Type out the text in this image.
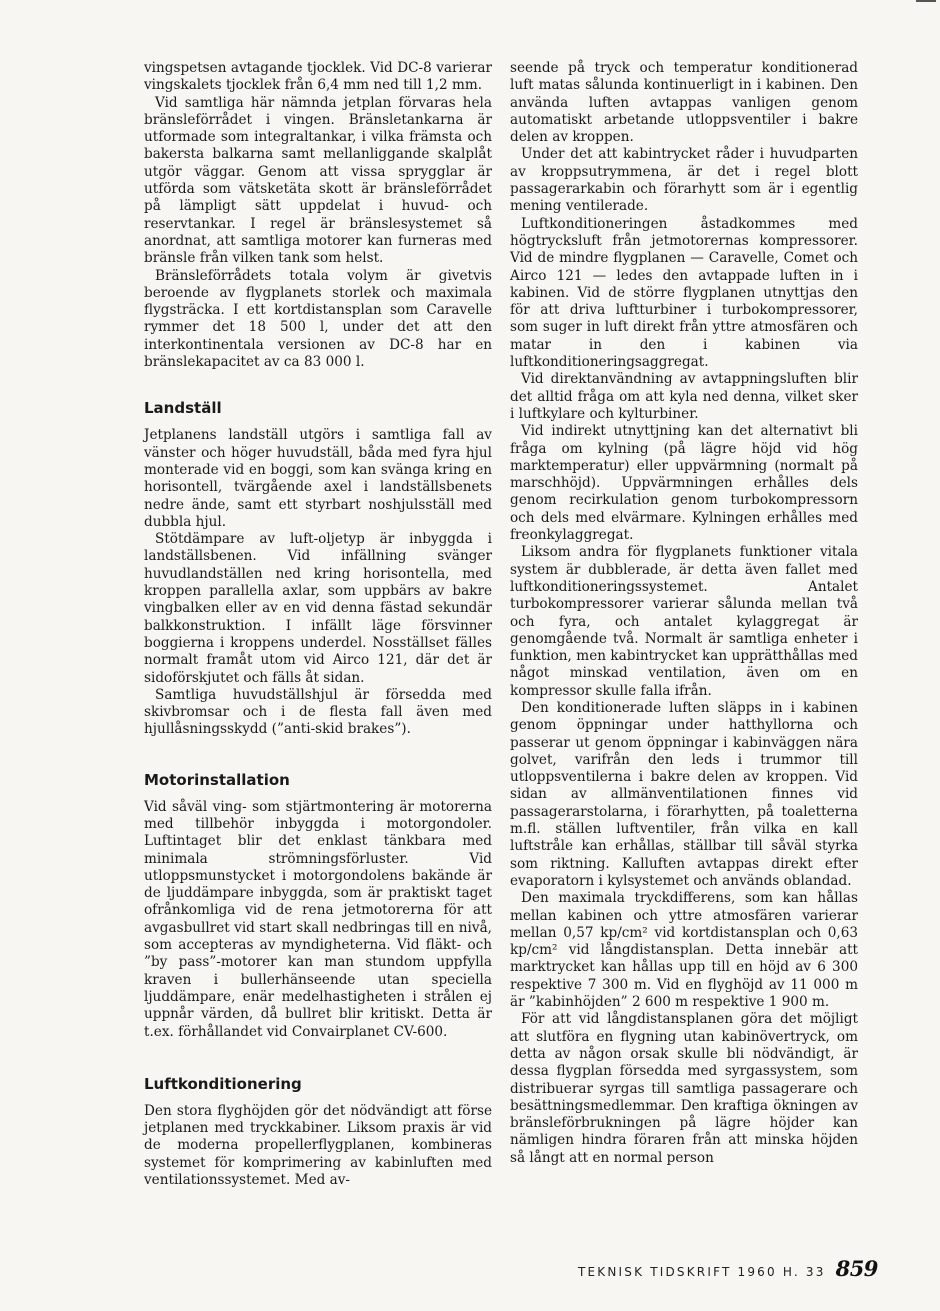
vingspetsen avtagande tjocklek. Vid DC-8 varierar vingskalets tjocklek från 6,4 mm ned till 1,2 mm.

Vid samtliga här nämnda jetplan förvaras hela bränsleförrådet i vingen. Bränsletankarna är utformade som integraltankar, i vilka främsta och bakersta balkarna samt mellanliggande skalplåt utgör väggar. Genom att vissa sprygglar är utförda som vätsketäta skott är bränsleförrådet på lämpligt sätt uppdelat i huvud- och reservtankar. I regel är bränslesystemet så anordnat, att samtliga motorer kan furneras med bränsle från vilken tank som helst.

Bränsleförrådets totala volym är givetvis beroende av flygplanets storlek och maximala flygsträcka. I ett kortdistansplan som Caravelle rymmer det 18 500 l, under det att den interkontinentala versionen av DC-8 har en bränslekapacitet av ca 83 000 l.

Landställ

Jetplanens landställ utgörs i samtliga fall av vänster och höger huvudställ, båda med fyra hjul monterade vid en boggi, som kan svänga kring en horisontell, tvärgående axel i landställsbenets nedre ände, samt ett styrbart noshjulsställ med dubbla hjul.

Stötdämpare av luft-oljetyp är inbyggda i landställsbenen. Vid infällning svänger huvudlandställen ned kring horisontella, med kroppen parallella axlar, som uppbärs av bakre vingbalken eller av en vid denna fästad sekundär balkkonstruktion. I infällt läge försvinner boggierna i kroppens underdel. Nosställset fälles normalt framåt utom vid Airco 121, där det är sidoförskjutet och fälls åt sidan.

Samtliga huvudställshjul är försedda med skivbromsar och i de flesta fall även med hjullåsningsskydd (”anti-skid brakes”).

Motorinstallation

Vid såväl ving- som stjärtmontering är motorerna med tillbehör inbyggda i motorgondoler. Luftintaget blir det enklast tänkbara med minimala strömningsförluster. Vid utloppsmunstycket i motorgondolens bakände är de ljuddämpare inbyggda, som är praktiskt taget ofrånkomliga vid de rena jetmotorerna för att avgasbullret vid start skall nedbringas till en nivå, som accepteras av myndigheterna. Vid fläkt- och ”by pass”-motorer kan man stundom uppfylla kraven i bullerhänseende utan speciella ljuddämpare, enär medelhastigheten i strålen ej uppnår värden, då bullret blir kritiskt. Detta är t.ex. förhållandet vid Convairplanet CV-600.

Luftkonditionering

Den stora flyghöjden gör det nödvändigt att förse jetplanen med tryckkabiner. Liksom praxis är vid de moderna propellerflygplanen, kombineras systemet för komprimering av kabinluften med ventilationssystemet. Med av-

seende på tryck och temperatur konditionerad luft matas sålunda kontinuerligt in i kabinen. Den använda luften avtappas vanligen genom automatiskt arbetande utloppsventiler i bakre delen av kroppen.

Under det att kabintrycket råder i huvudparten av kroppsutrymmena, är det i regel blott passagerarkabin och förarhytt som är i egentlig mening ventilerade.

Luftkonditioneringen åstadkommes med högtrycksluft från jetmotorernas kompressorer. Vid de mindre flygplanen — Caravelle, Comet och Airco 121 — ledes den avtappade luften in i kabinen. Vid de större flygplanen utnyttjas den för att driva luftturbiner i turbokompressorer, som suger in luft direkt från yttre atmosfären och matar in den i kabinen via luftkonditioneringsaggregat.

Vid direktanvändning av avtappningsluften blir det alltid fråga om att kyla ned denna, vilket sker i luftkylare och kylturbiner.

Vid indirekt utnyttjning kan det alternativt bli fråga om kylning (på lägre höjd vid hög marktemperatur) eller uppvärmning (normalt på marschhöjd). Uppvärmningen erhålles dels genom recirkulation genom turbokompressorn och dels med elvärmare. Kylningen erhålles med freonkylaggregat.

Liksom andra för flygplanets funktioner vitala system är dubblerade, är detta även fallet med luftkonditioneringssystemet. Antalet turbokompressorer varierar sålunda mellan två och fyra, och antalet kylaggregat är genomgående två. Normalt är samtliga enheter i funktion, men kabintrycket kan upprätthållas med något minskad ventilation, även om en kompressor skulle falla ifrån.

Den konditionerade luften släpps in i kabinen genom öppningar under hatthyllorna och passerar ut genom öppningar i kabinväggen nära golvet, varifrån den leds i trummor till utloppsventilerna i bakre delen av kroppen. Vid sidan av allmänventilationen finnes vid passagerarstolarna, i förarhytten, på toaletterna m.fl. ställen luftventiler, från vilka en kall luftstråle kan erhållas, ställbar till såväl styrka som riktning. Kalluften avtappas direkt efter evaporatorn i kylsystemet och används oblandad.

Den maximala tryckdifferens, som kan hållas mellan kabinen och yttre atmosfären varierar mellan 0,57 kp/cm² vid kortdistansplan och 0,63 kp/cm² vid långdistansplan. Detta innebär att marktrycket kan hållas upp till en höjd av 6 300 respektive 7 300 m. Vid en flyghöjd av 11 000 m är ”kabinhöjden” 2 600 m respektive 1 900 m.

För att vid långdistansplanen göra det möjligt att slutföra en flygning utan kabinövertryck, om detta av någon orsak skulle bli nödvändigt, är dessa flygplan försedda med syrgassystem, som distribuerar syrgas till samtliga passagerare och besättningsmedlemmar. Den kraftiga ökningen av bränsleförbrukningen på lägre höjder kan nämligen hindra föraren från att minska höjden så långt att en normal person

TEKNISK TIDSKRIFT 1960 H. 33 859
